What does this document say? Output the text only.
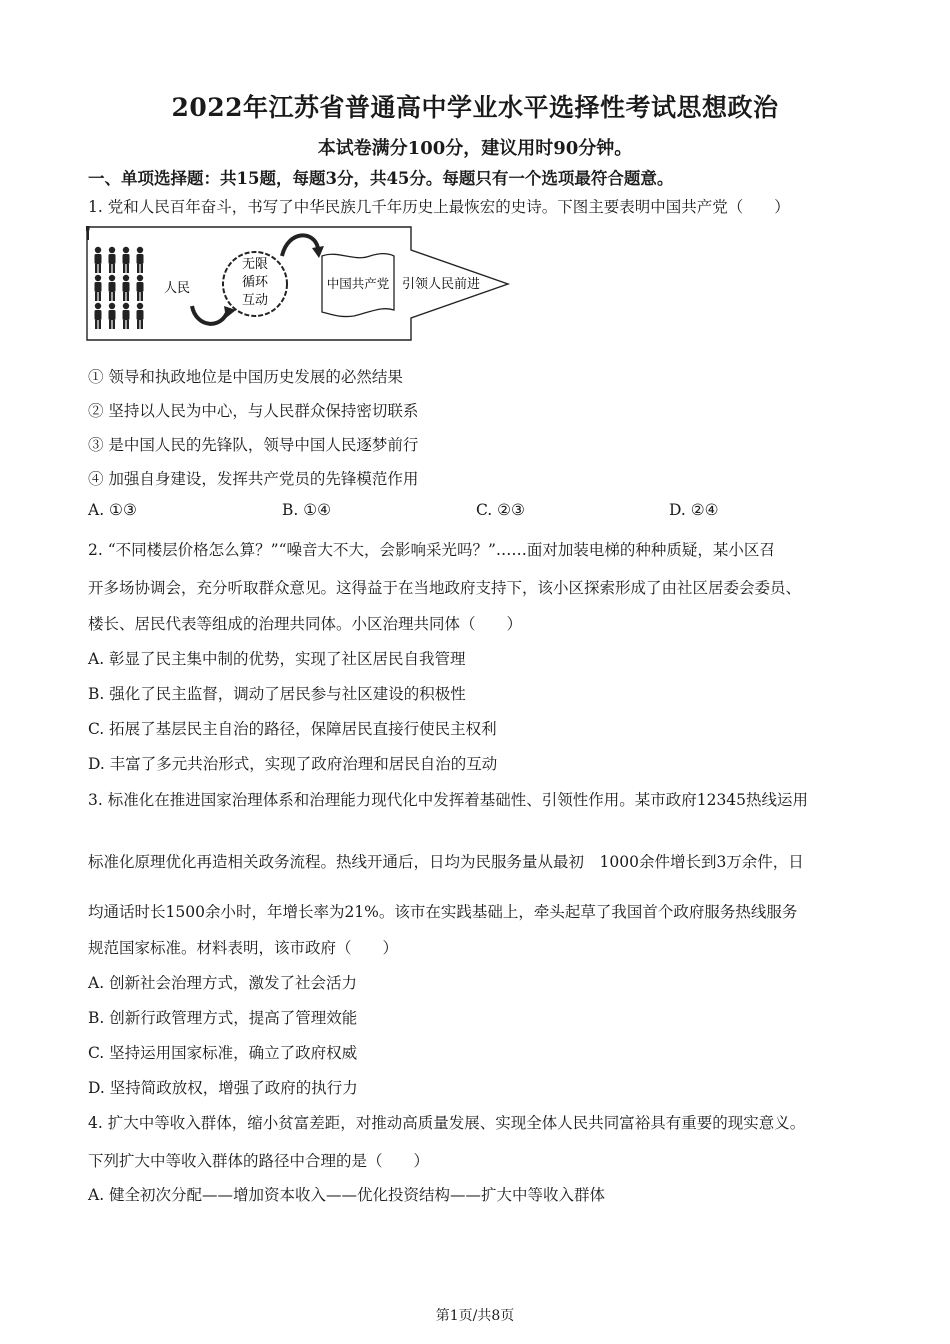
2022年江苏省普通高中学业水平选择性考试思想政治
本试卷满分100分，建议用时90分钟。
一、单项选择题：共15题，每题3分，共45分。每题只有一个选项最符合题意。
1. 党和人民百年奋斗，书写了中华民族几千年历史上最恢宏的史诗。下图主要表明中国共产党（　　）
人民
无限
循环
互动
中国共产党 引领人民前进
① 领导和执政地位是中国历史发展的必然结果
② 坚持以人民为中心，与人民群众保持密切联系
③ 是中国人民的先锋队，领导中国人民逐梦前行
④ 加强自身建设，发挥共产党员的先锋模范作用
A. ①③	B. ①④	C. ②③	D. ②④
2. “不同楼层价格怎么算？”“噪音大不大，会影响采光吗？”……面对加装电梯的种种质疑，某小区召
开多场协调会，充分听取群众意见。这得益于在当地政府支持下，该小区探索形成了由社区居委会委员、
楼长、居民代表等组成的治理共同体。小区治理共同体（　　）
A. 彰显了民主集中制的优势，实现了社区居民自我管理
B. 强化了民主监督，调动了居民参与社区建设的积极性
C. 拓展了基层民主自治的路径，保障居民直接行使民主权利
D. 丰富了多元共治形式，实现了政府治理和居民自治的互动
3. 标准化在推进国家治理体系和治理能力现代化中发挥着基础性、引领性作用。某市政府12345热线运用
标准化原理优化再造相关政务流程。热线开通后，日均为民服务量从最初　1000余件增长到3万余件，日
均通话时长1500余小时，年增长率为21%。该市在实践基础上，牵头起草了我国首个政府服务热线服务
规范国家标准。材料表明，该市政府（　　）
A. 创新社会治理方式，激发了社会活力
B. 创新行政管理方式，提高了管理效能
C. 坚持运用国家标准，确立了政府权威
D. 坚持简政放权，增强了政府的执行力
4. 扩大中等收入群体，缩小贫富差距，对推动高质量发展、实现全体人民共同富裕具有重要的现实意义。
下列扩大中等收入群体的路径中合理的是（　　）
A. 健全初次分配——增加资本收入——优化投资结构——扩大中等收入群体
第1页/共8页
